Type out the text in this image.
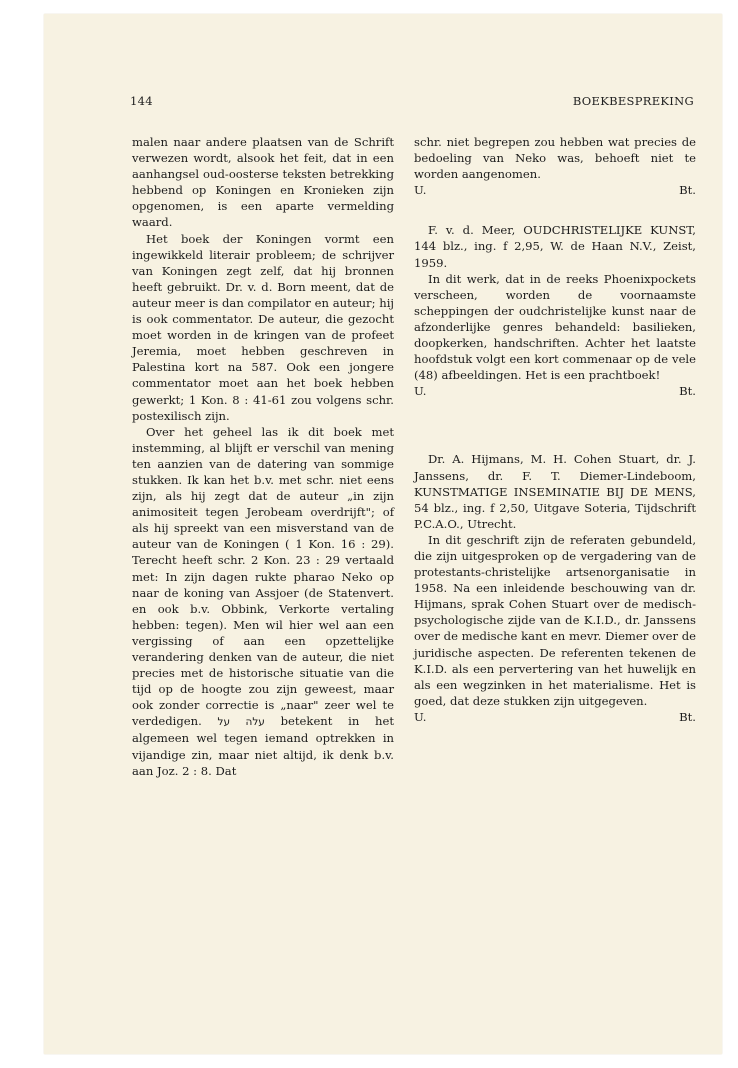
144	BOEKBESPREKING

malen naar andere plaatsen van de Schrift verwezen wordt, alsook het feit, dat in een aanhangsel oud-oosterse teksten betrekking hebbend op Koningen en Kronieken zijn opgenomen, is een aparte vermelding waard.

Het boek der Koningen vormt een ingewikkeld literair probleem; de schrijver van Koningen zegt zelf, dat hij bronnen heeft gebruikt. Dr. v. d. Born meent, dat de auteur meer is dan compilator en auteur; hij is ook commentator. De auteur, die gezocht moet worden in de kringen van de profeet Jeremia, moet hebben geschreven in Palestina kort na 587. Ook een jongere commentator moet aan het boek hebben gewerkt; 1 Kon. 8 : 41-61 zou volgens schr. postexilisch zijn.

Over het geheel las ik dit boek met instemming, al blijft er verschil van mening ten aanzien van de datering van sommige stukken. Ik kan het b.v. met schr. niet eens zijn, als hij zegt dat de auteur „in zijn animositeit tegen Jerobeam overdrijft"; of als hij spreekt van een misverstand van de auteur van de Koningen ( 1 Kon. 16 : 29). Terecht heeft schr. 2 Kon. 23 : 29 vertaald met: In zijn dagen rukte pharao Neko op naar de koning van Assjoer (de Statenvert. en ook b.v. Obbink, Verkorte vertaling hebben: tegen). Men wil hier wel aan een vergissing of aan een opzettelijke verandering denken van de auteur, die niet precies met de historische situatie van die tijd op de hoogte zou zijn geweest, maar ook zonder correctie is „naar" zeer wel te verdedigen. עלה על betekent in het algemeen wel tegen iemand optrekken in vijandige zin, maar niet altijd, ik denk b.v. aan Joz. 2 : 8. Dat

schr. niet begrepen zou hebben wat precies de bedoeling van Neko was, behoeft niet te worden aangenomen.

U.	Bt.

F. v. d. Meer, OUDCHRISTELIJKE KUNST, 144 blz., ing. f 2,95, W. de Haan N.V., Zeist, 1959.

In dit werk, dat in de reeks Phoenixpockets verscheen, worden de voornaamste scheppingen der oudchristelijke kunst naar de afzonderlijke genres behandeld: basilieken, doopkerken, handschriften. Achter het laatste hoofdstuk volgt een kort commenaar op de vele (48) afbeeldingen. Het is een prachtboek!

U.	Bt.

Dr. A. Hijmans, M. H. Cohen Stuart, dr. J. Janssens, dr. F. T. Diemer-Lindeboom, KUNSTMATIGE INSEMINATIE BIJ DE MENS, 54 blz., ing. f 2,50, Uitgave Soteria, Tijdschrift P.C.A.O., Utrecht.

In dit geschrift zijn de referaten gebundeld, die zijn uitgesproken op de vergadering van de protestants-christelijke artsenorganisatie in 1958. Na een inleidende beschouwing van dr. Hijmans, sprak Cohen Stuart over de medisch-psychologische zijde van de K.I.D., dr. Janssens over de medische kant en mevr. Diemer over de juridische aspecten. De referenten tekenen de K.I.D. als een pervertering van het huwelijk en als een wegzinken in het materialisme. Het is goed, dat deze stukken zijn uitgegeven.

U.	Bt.
